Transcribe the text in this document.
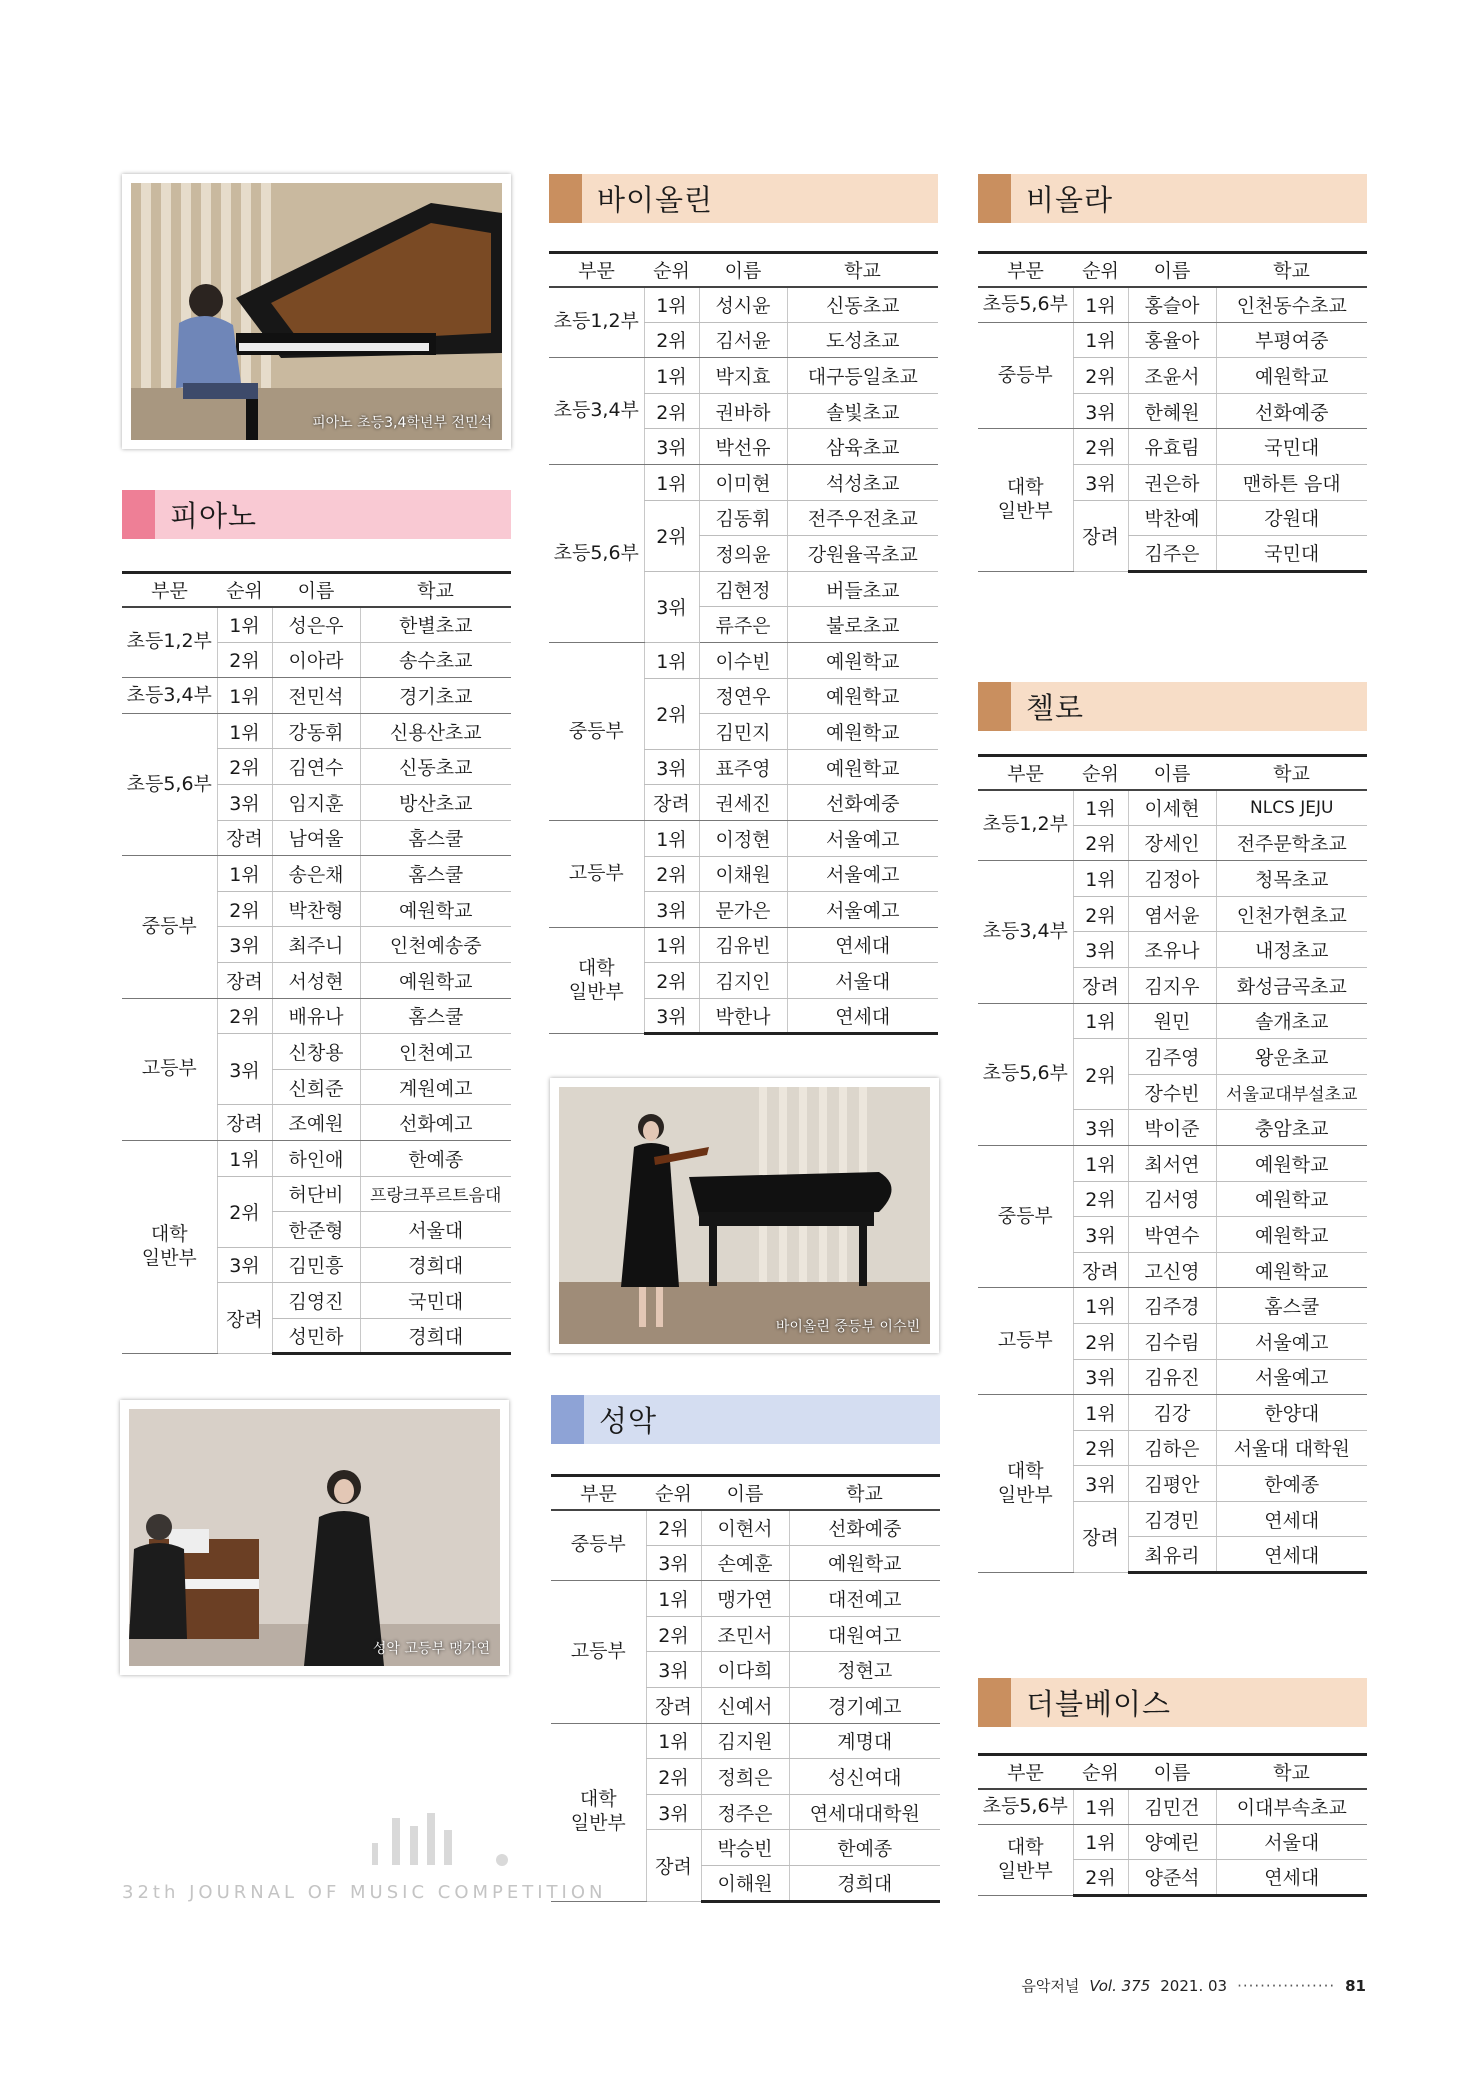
피아노 초등3,4학년부 전민석
피아노
부문	순위	이름	학교
초등1,2부	1위	성은우	한별초교
	2위	이아라	송수초교
초등3,4부	1위	전민석	경기초교
초등5,6부	1위	강동휘	신용산초교
	2위	김연수	신동초교
	3위	임지훈	방산초교
	장려	남여울	홈스쿨
중등부	1위	송은채	홈스쿨
	2위	박찬형	예원학교
	3위	최주니	인천예송중
	장려	서성현	예원학교
고등부	2위	배유나	홈스쿨
	3위	신창용	인천예고
		신희준	계원예고
	장려	조예원	선화예고
대학
일반부	1위	하인애	한예종
	2위	허단비	프랑크푸르트음대
		한준형	서울대
	3위	김민흥	경희대
	장려	김영진	국민대
		성민하	경희대
성악 고등부 맹가연
바이올린
부문	순위	이름	학교
초등1,2부	1위	성시윤	신동초교
	2위	김서윤	도성초교
초등3,4부	1위	박지효	대구등일초교
	2위	권바하	솔빛초교
	3위	박선유	삼육초교
초등5,6부	1위	이미현	석성초교
	2위	김동휘	전주우전초교
		정의윤	강원율곡초교
	3위	김현정	버들초교
		류주은	불로초교
중등부	1위	이수빈	예원학교
	2위	정연우	예원학교
		김민지	예원학교
	3위	표주영	예원학교
	장려	권세진	선화예중
고등부	1위	이정현	서울예고
	2위	이채원	서울예고
	3위	문가은	서울예고
대학
일반부	1위	김유빈	연세대
	2위	김지인	서울대
	3위	박한나	연세대
바이올린 중등부 이수빈
성악
부문	순위	이름	학교
중등부	2위	이현서	선화예중
	3위	손예훈	예원학교
고등부	1위	맹가연	대전예고
	2위	조민서	대원여고
	3위	이다희	정현고
	장려	신예서	경기예고
대학
일반부	1위	김지원	계명대
	2위	정희은	성신여대
	3위	정주은	연세대대학원
	장려	박승빈	한예종
		이해원	경희대
비올라
부문	순위	이름	학교
초등5,6부	1위	홍슬아	인천동수초교
중등부	1위	홍율아	부평여중
	2위	조윤서	예원학교
	3위	한혜원	선화예중
대학
일반부	2위	유효림	국민대
	3위	권은하	맨하튼 음대
	장려	박찬예	강원대
		김주은	국민대
첼로
부문	순위	이름	학교
초등1,2부	1위	이세현	NLCS JEJU
	2위	장세인	전주문학초교
초등3,4부	1위	김정아	청목초교
	2위	염서윤	인천가현초교
	3위	조유나	내정초교
	장려	김지우	화성금곡초교
초등5,6부	1위	원민	솔개초교
	2위	김주영	왕운초교
		장수빈	서울교대부설초교
	3위	박이준	충암초교
중등부	1위	최서연	예원학교
	2위	김서영	예원학교
	3위	박연수	예원학교
	장려	고신영	예원학교
고등부	1위	김주경	홈스쿨
	2위	김수림	서울예고
	3위	김유진	서울예고
대학
일반부	1위	김강	한양대
	2위	김하은	서울대 대학원
	3위	김평안	한예종
	장려	김경민	연세대
		최유리	연세대
더블베이스
부문	순위	이름	학교
초등5,6부	1위	김민건	이대부속초교
대학
일반부	1위	양예린	서울대
	2위	양준석	연세대
32th JOURNAL OF MUSIC COMPETITION
음악저널 Vol. 375 2021. 03 ················· 81
